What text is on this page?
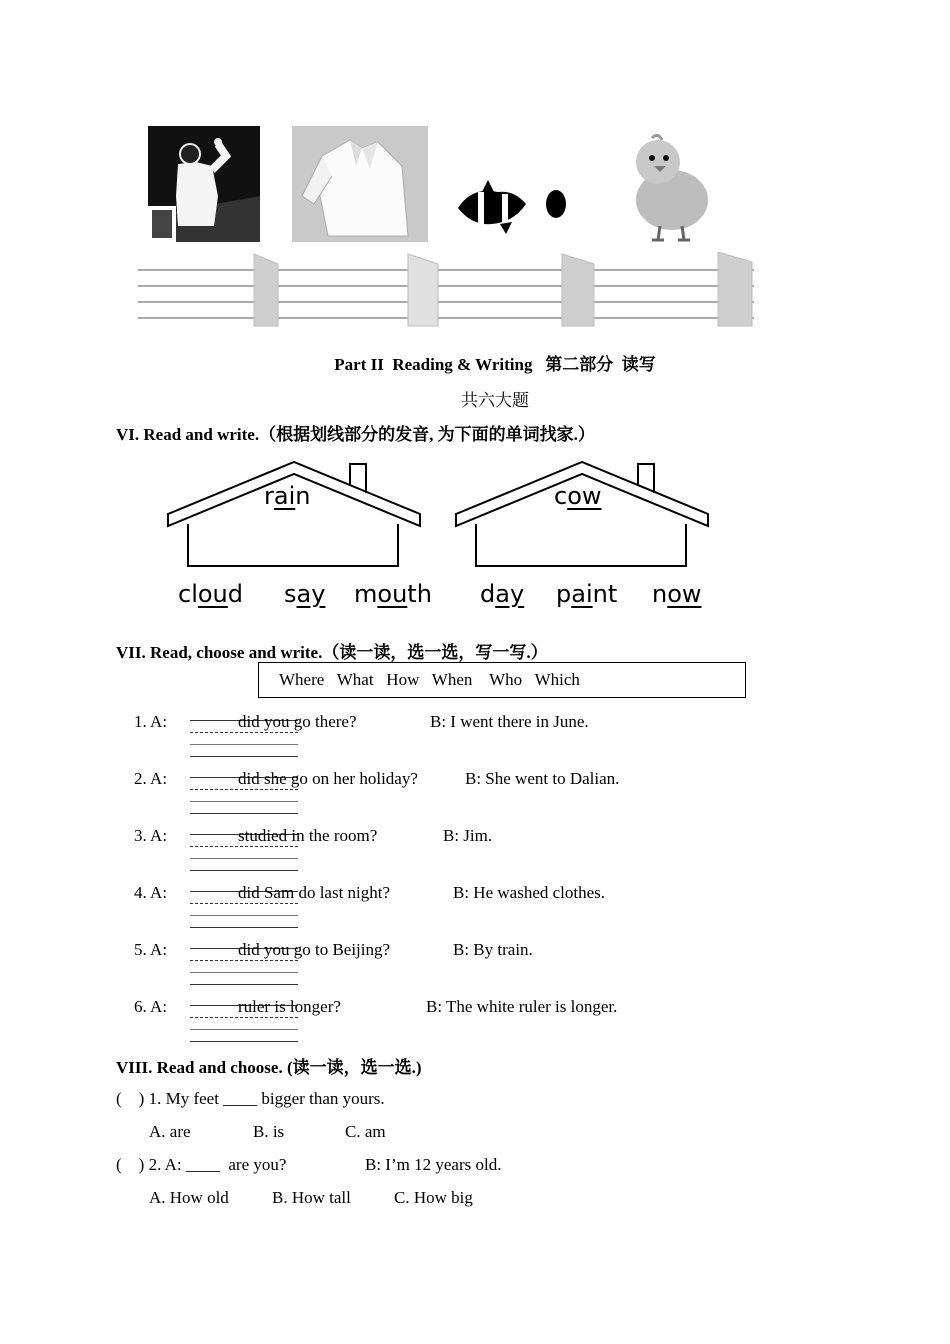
Part II  Reading & Writing   第二部分  读写
共六大题
VI. Read and write.（根据划线部分的发音, 为下面的单词找家.）
rain	cow
cloud say mouth day paint now
VII. Read, choose and write.（读一读，选一选，写一写.）
Where   What   How   When    Who   Which
1. A:	did you go there?	B: I went there in June.
2. A:	did she go on her holiday?	B: She went to Dalian.
3. A:	studied in the room?	B: Jim.
4. A:	did Sam do last night?	B: He washed clothes.
5. A:	did you go to Beijing?	B: By train.
6. A:	ruler is longer?	B: The white ruler is longer.
VIII. Read and choose. (读一读，选一选.)
(    ) 1. My feet ____ bigger than yours.
A. are	B. is	C. am
(    ) 2. A: ____  are you?	B: I’m 12 years old.
A. How old	B. How tall	C. How big
